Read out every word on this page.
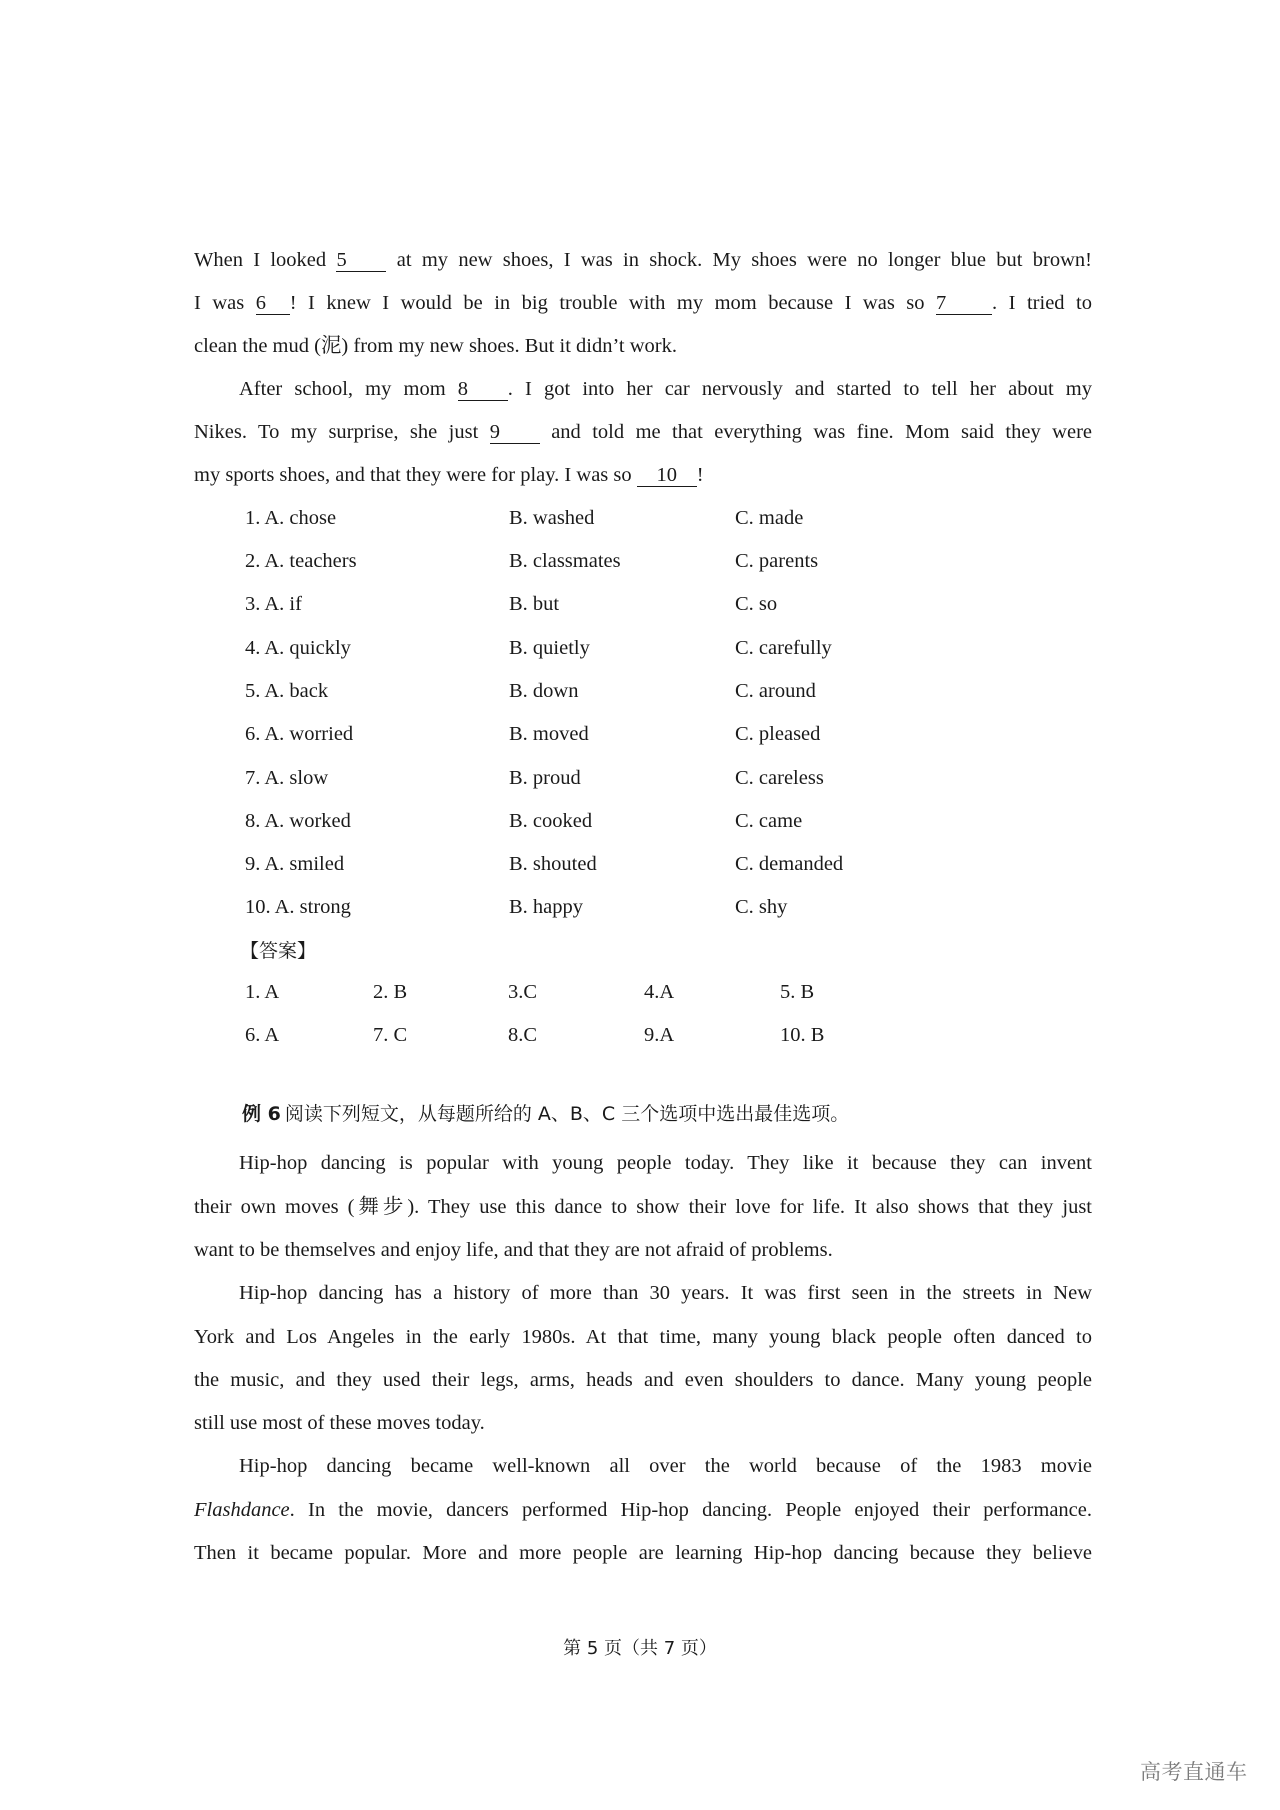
When I looked 5 at my new shoes, I was in shock. My shoes were no longer blue but brown!
I was 6 ! I knew I would be in big trouble with my mom because I was so 7 . I tried to
clean the mud (泥) from my new shoes. But it didn’t work.
After school, my mom 8 . I got into her car nervously and started to tell her about my
Nikes. To my surprise, she just 9 and told me that everything was fine. Mom said they were
my sports shoes, and that they were for play. I was so 10 !
1. A. chose	B. washed	C. made
2. A. teachers	B. classmates	C. parents
3. A. if	B. but	C. so
4. A. quickly	B. quietly	C. carefully
5. A. back	B. down	C. around
6. A. worried	B. moved	C. pleased
7. A. slow	B. proud	C. careless
8. A. worked	B. cooked	C. came
9. A. smiled	B. shouted	C. demanded
10. A. strong	B. happy	C. shy
【答案】
1. A	2. B	3.C	4.A	5. B
6. A	7. C	8.C	9.A	10. B
例 6 阅读下列短文，从每题所给的 A、B、C 三个选项中选出最佳选项。
Hip-hop dancing is popular with young people today. They like it because they can invent
their own moves (舞步). They use this dance to show their love for life. It also shows that they just
want to be themselves and enjoy life, and that they are not afraid of problems.
Hip-hop dancing has a history of more than 30 years. It was first seen in the streets in New
York and Los Angeles in the early 1980s. At that time, many young black people often danced to
the music, and they used their legs, arms, heads and even shoulders to dance. Many young people
still use most of these moves today.
Hip-hop dancing became well-known all over the world because of the 1983 movie
Flashdance. In the movie, dancers performed Hip-hop dancing. People enjoyed their performance.
Then it became popular. More and more people are learning Hip-hop dancing because they believe
第 5 页（共 7 页）
高考直通车
